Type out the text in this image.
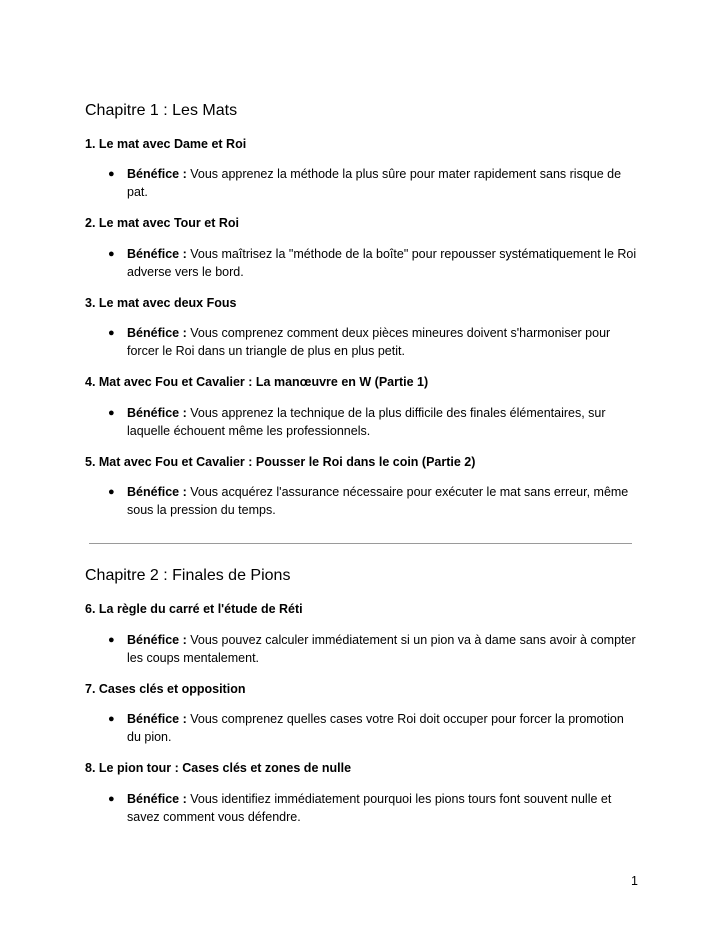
Chapitre 1 : Les Mats
1. Le mat avec Dame et Roi
● Bénéfice : Vous apprenez la méthode la plus sûre pour mater rapidement sans risque de pat.
2. Le mat avec Tour et Roi
● Bénéfice : Vous maîtrisez la "méthode de la boîte" pour repousser systématiquement le Roi adverse vers le bord.
3. Le mat avec deux Fous
● Bénéfice : Vous comprenez comment deux pièces mineures doivent s'harmoniser pour forcer le Roi dans un triangle de plus en plus petit.
4. Mat avec Fou et Cavalier : La manœuvre en W (Partie 1)
● Bénéfice : Vous apprenez la technique de la plus difficile des finales élémentaires, sur laquelle échouent même les professionnels.
5. Mat avec Fou et Cavalier : Pousser le Roi dans le coin (Partie 2)
● Bénéfice : Vous acquérez l'assurance nécessaire pour exécuter le mat sans erreur, même sous la pression du temps.
Chapitre 2 : Finales de Pions
6. La règle du carré et l'étude de Réti
● Bénéfice : Vous pouvez calculer immédiatement si un pion va à dame sans avoir à compter les coups mentalement.
7. Cases clés et opposition
● Bénéfice : Vous comprenez quelles cases votre Roi doit occuper pour forcer la promotion du pion.
8. Le pion tour : Cases clés et zones de nulle
● Bénéfice : Vous identifiez immédiatement pourquoi les pions tours font souvent nulle et savez comment vous défendre.
1
